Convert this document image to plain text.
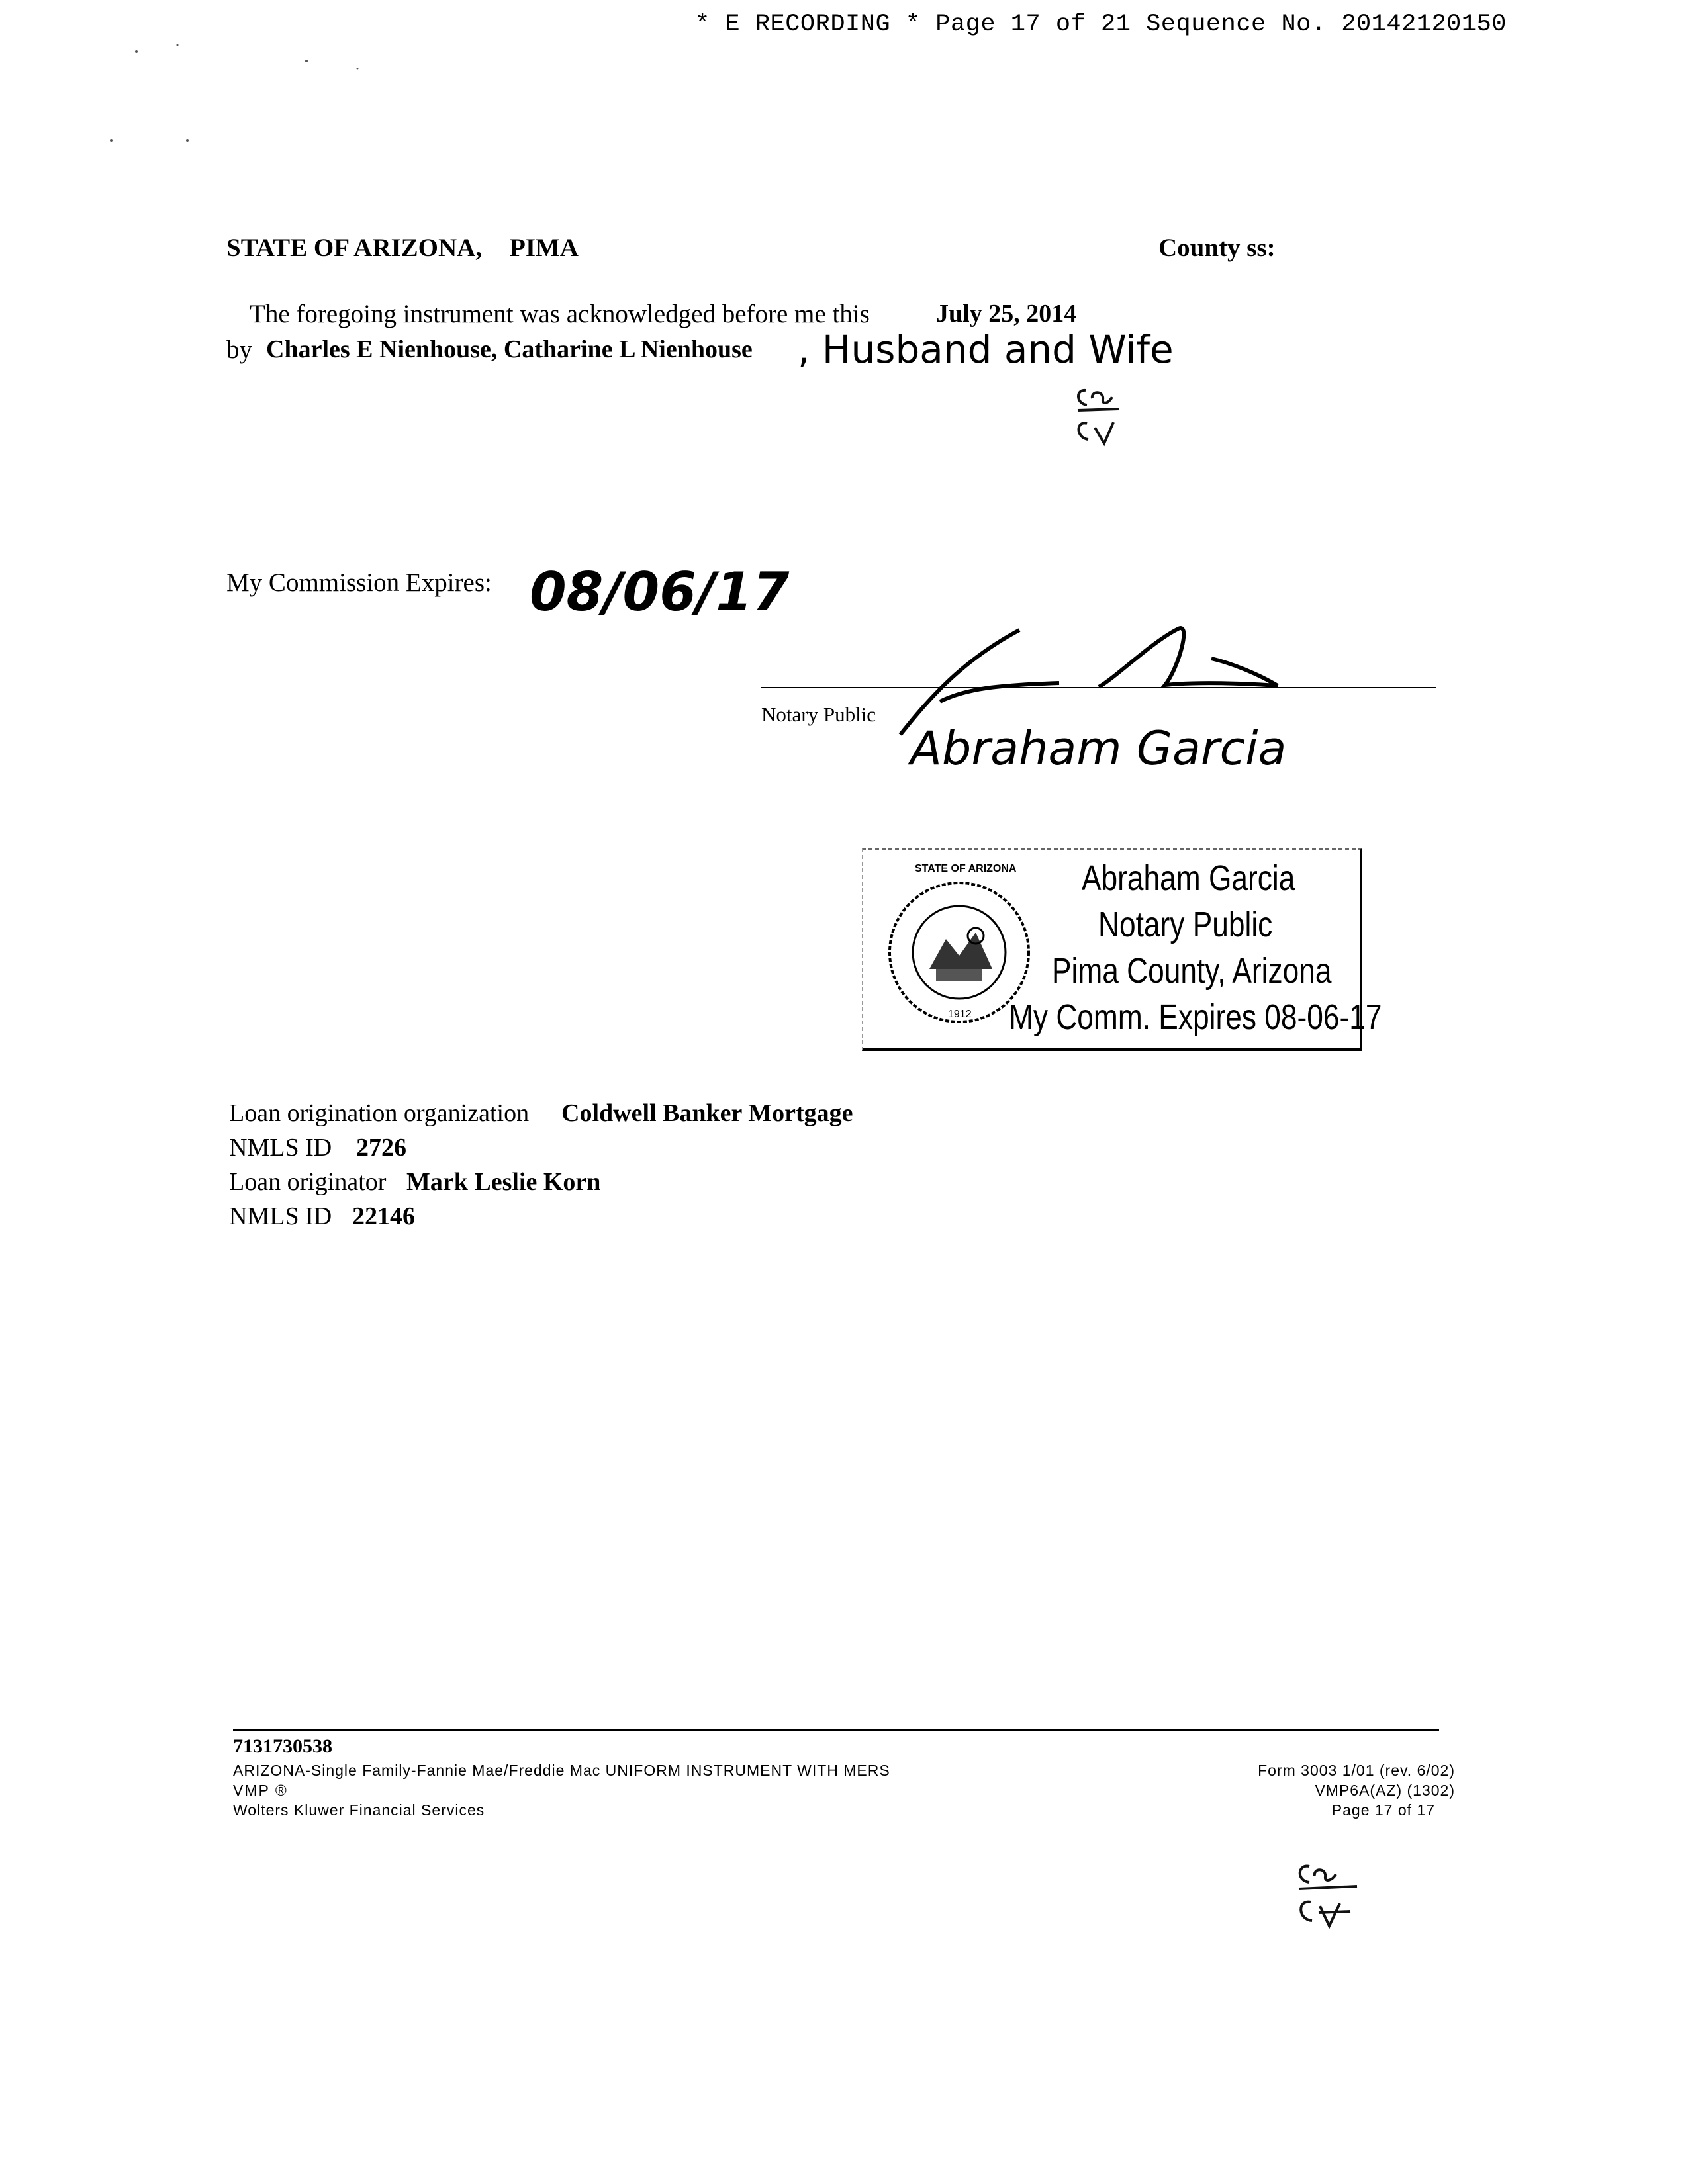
* E RECORDING * Page 17 of 21 Sequence No. 20142120150
STATE OF ARIZONA, PIMA	County ss:
The foregoing instrument was acknowledged before me this	July 25, 2014
by Charles E Nienhouse, Catharine L Nienhouse , Husband and Wife
My Commission Expires: 08/06/17
Notary Public
Abraham Garcia
STATE OF ARIZONA
1912
Abraham Garcia
Notary Public
Pima County, Arizona
My Comm. Expires 08-06-17
Loan origination organization Coldwell Banker Mortgage
NMLS ID 2726
Loan originator Mark Leslie Korn
NMLS ID 22146
7131730538
ARIZONA-Single Family-Fannie Mae/Freddie Mac UNIFORM INSTRUMENT WITH MERS
VMP ®
Wolters Kluwer Financial Services
Form 3003 1/01 (rev. 6/02)
VMP6A(AZ) (1302)
Page 17 of 17
